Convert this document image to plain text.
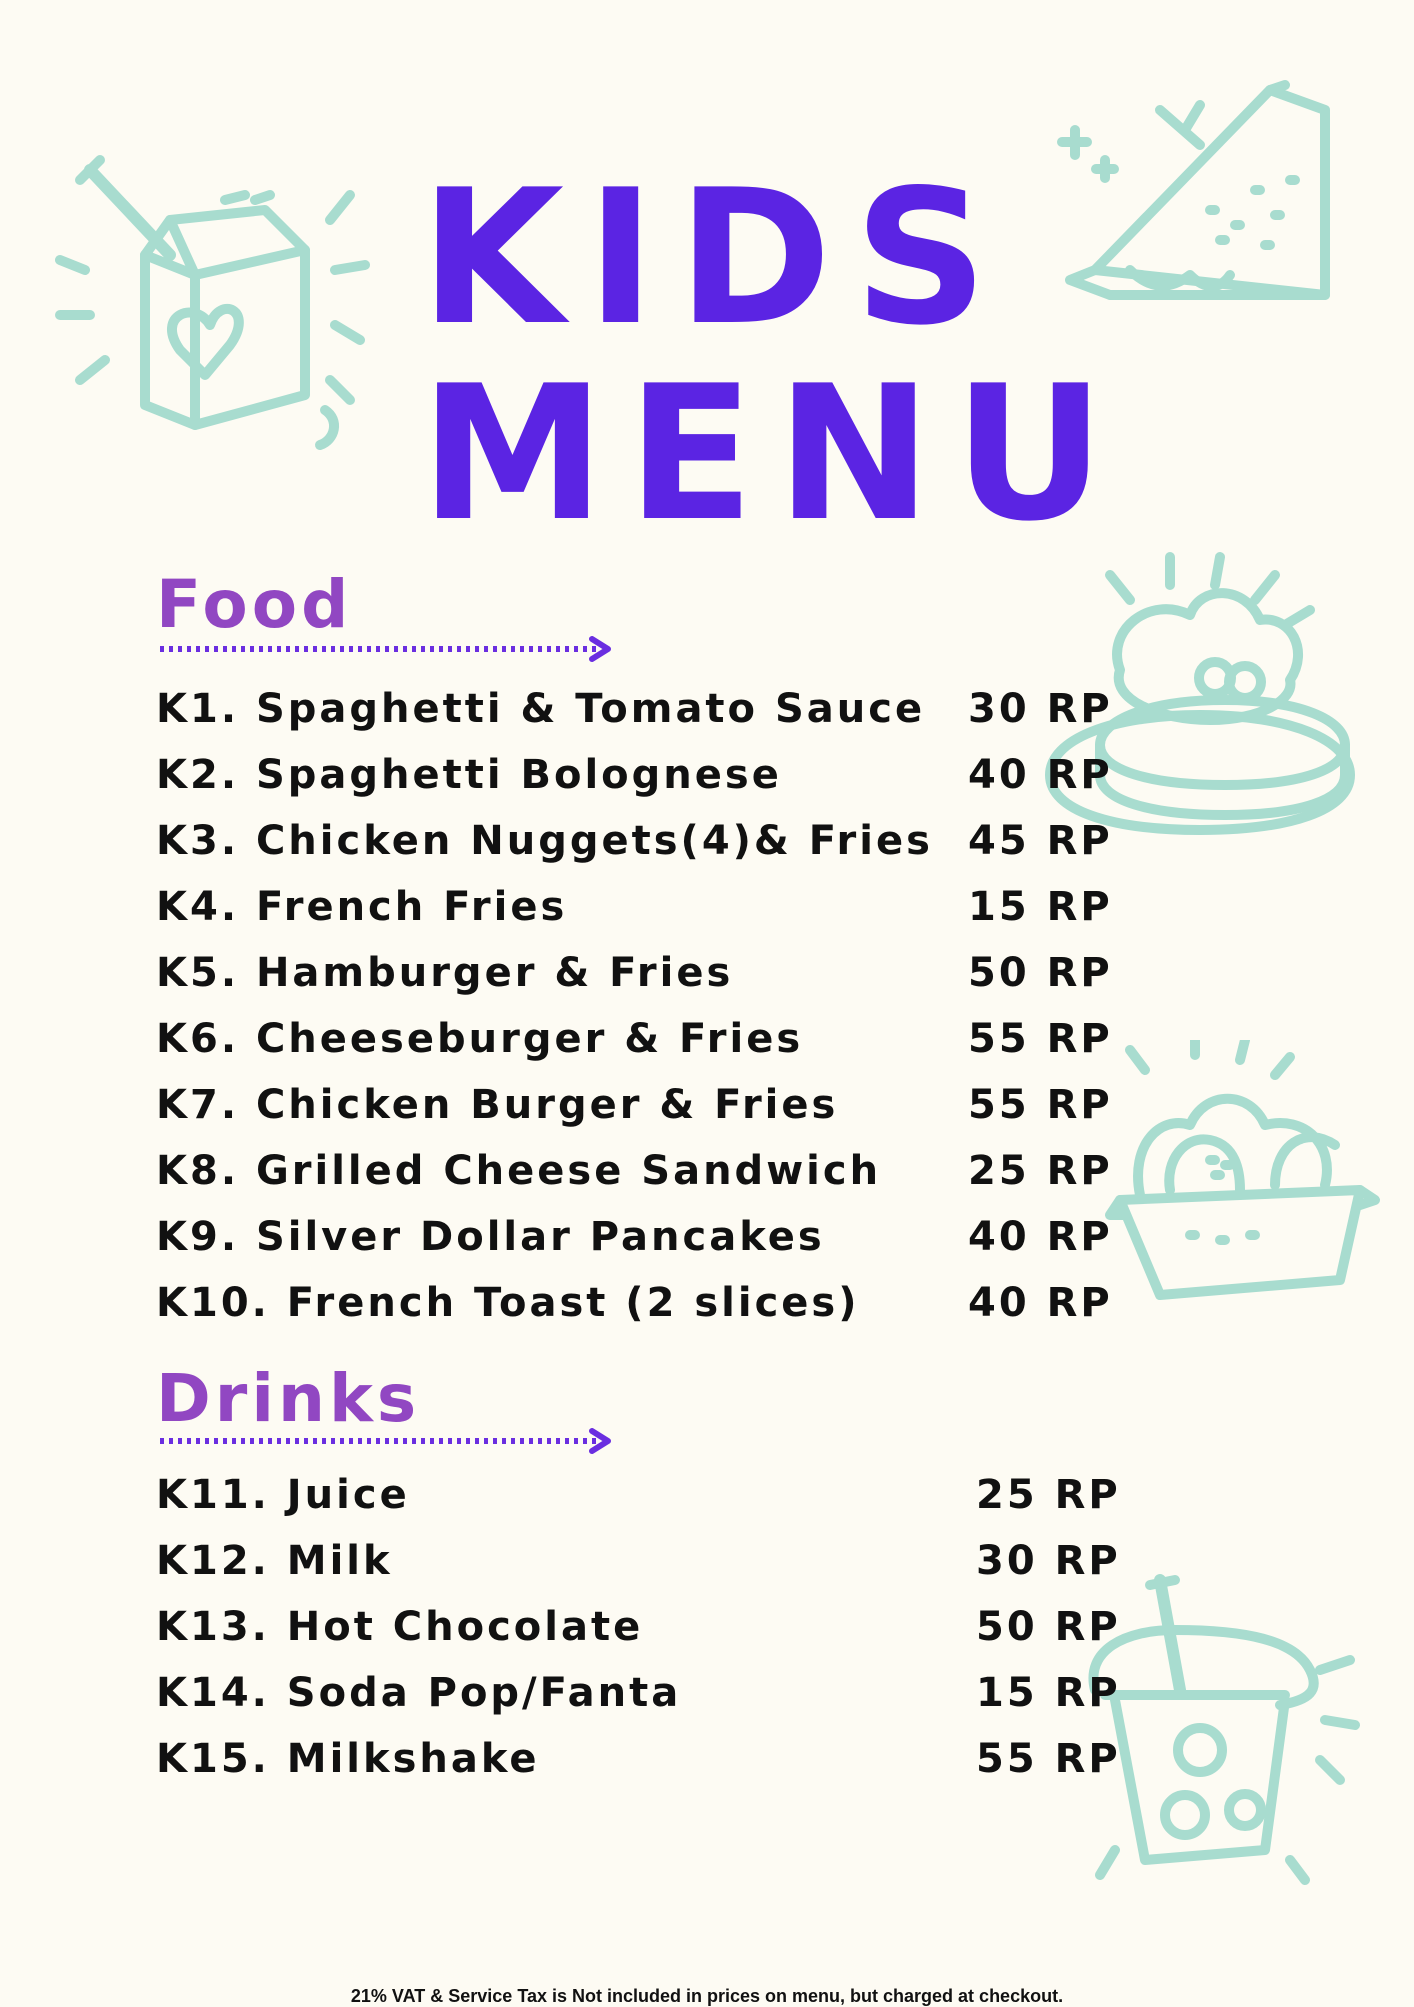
KIDS
MENU
Food
K1. Spaghetti & Tomato Sauce 30 RP
K2. Spaghetti Bolognese	40 RP
K3. Chicken Nuggets(4)& Fries 45 RP
K4. French Fries	15 RP
K5. Hamburger & Fries	50 RP
K6. Cheeseburger & Fries	55 RP
K7. Chicken Burger & Fries	55 RP
K8. Grilled Cheese Sandwich 25 RP
K9. Silver Dollar Pancakes	40 RP
K10. French Toast (2 slices)	40 RP
Drinks
K11. Juice	25 RP
K12. Milk	30 RP
K13. Hot Chocolate	50 RP
K14. Soda Pop/Fanta	15 RP
K15. Milkshake	55 RP
21% VAT & Service Tax is Not included in prices on menu, but charged at checkout.
